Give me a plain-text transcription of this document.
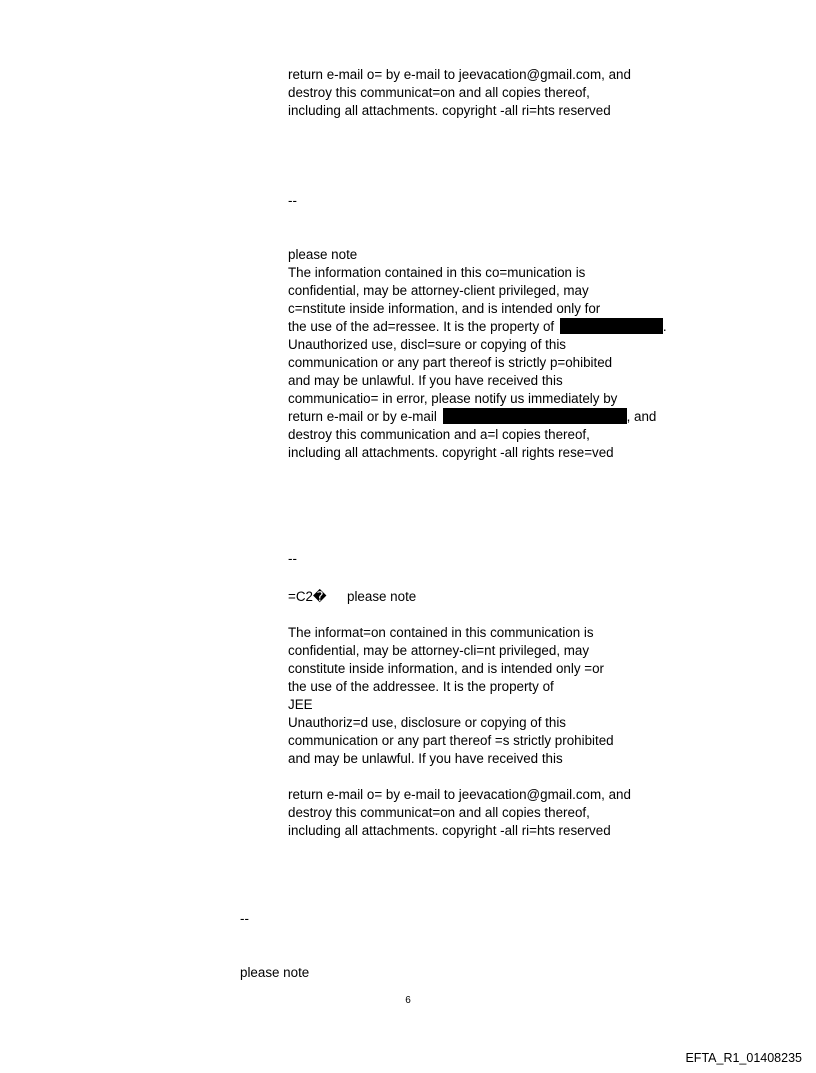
return e-mail o= by e-mail to jeevacation@gmail.com, and
destroy this communicat=on and all copies thereof,
including all attachments. copyright -all ri=hts reserved
--
please note
The information contained in this co=munication is
confidential, may be attorney-client privileged, may
c=nstitute inside information, and is intended only for
the use of the ad=ressee. It is the property of	.
Unauthorized use, discl=sure or copying of this
communication or any part thereof is strictly p=ohibited
and may be unlawful. If you have received this
communicatio= in error, please notify us immediately by
return e-mail or by e-mail	, and
destroy this communication and a=l copies thereof,
including all attachments. copyright -all rights rese=ved
--
=C2� please note
The informat=on contained in this communication is
confidential, may be attorney-cli=nt privileged, may
constitute inside information, and is intended only =or
the use of the addressee. It is the property of
JEE
Unauthoriz=d use, disclosure or copying of this
communication or any part thereof =s strictly prohibited
and may be unlawful. If you have received this
return e-mail o= by e-mail to jeevacation@gmail.com, and
destroy this communicat=on and all copies thereof,
including all attachments. copyright -all ri=hts reserved
--
please note
6
EFTA_R1_01408235
